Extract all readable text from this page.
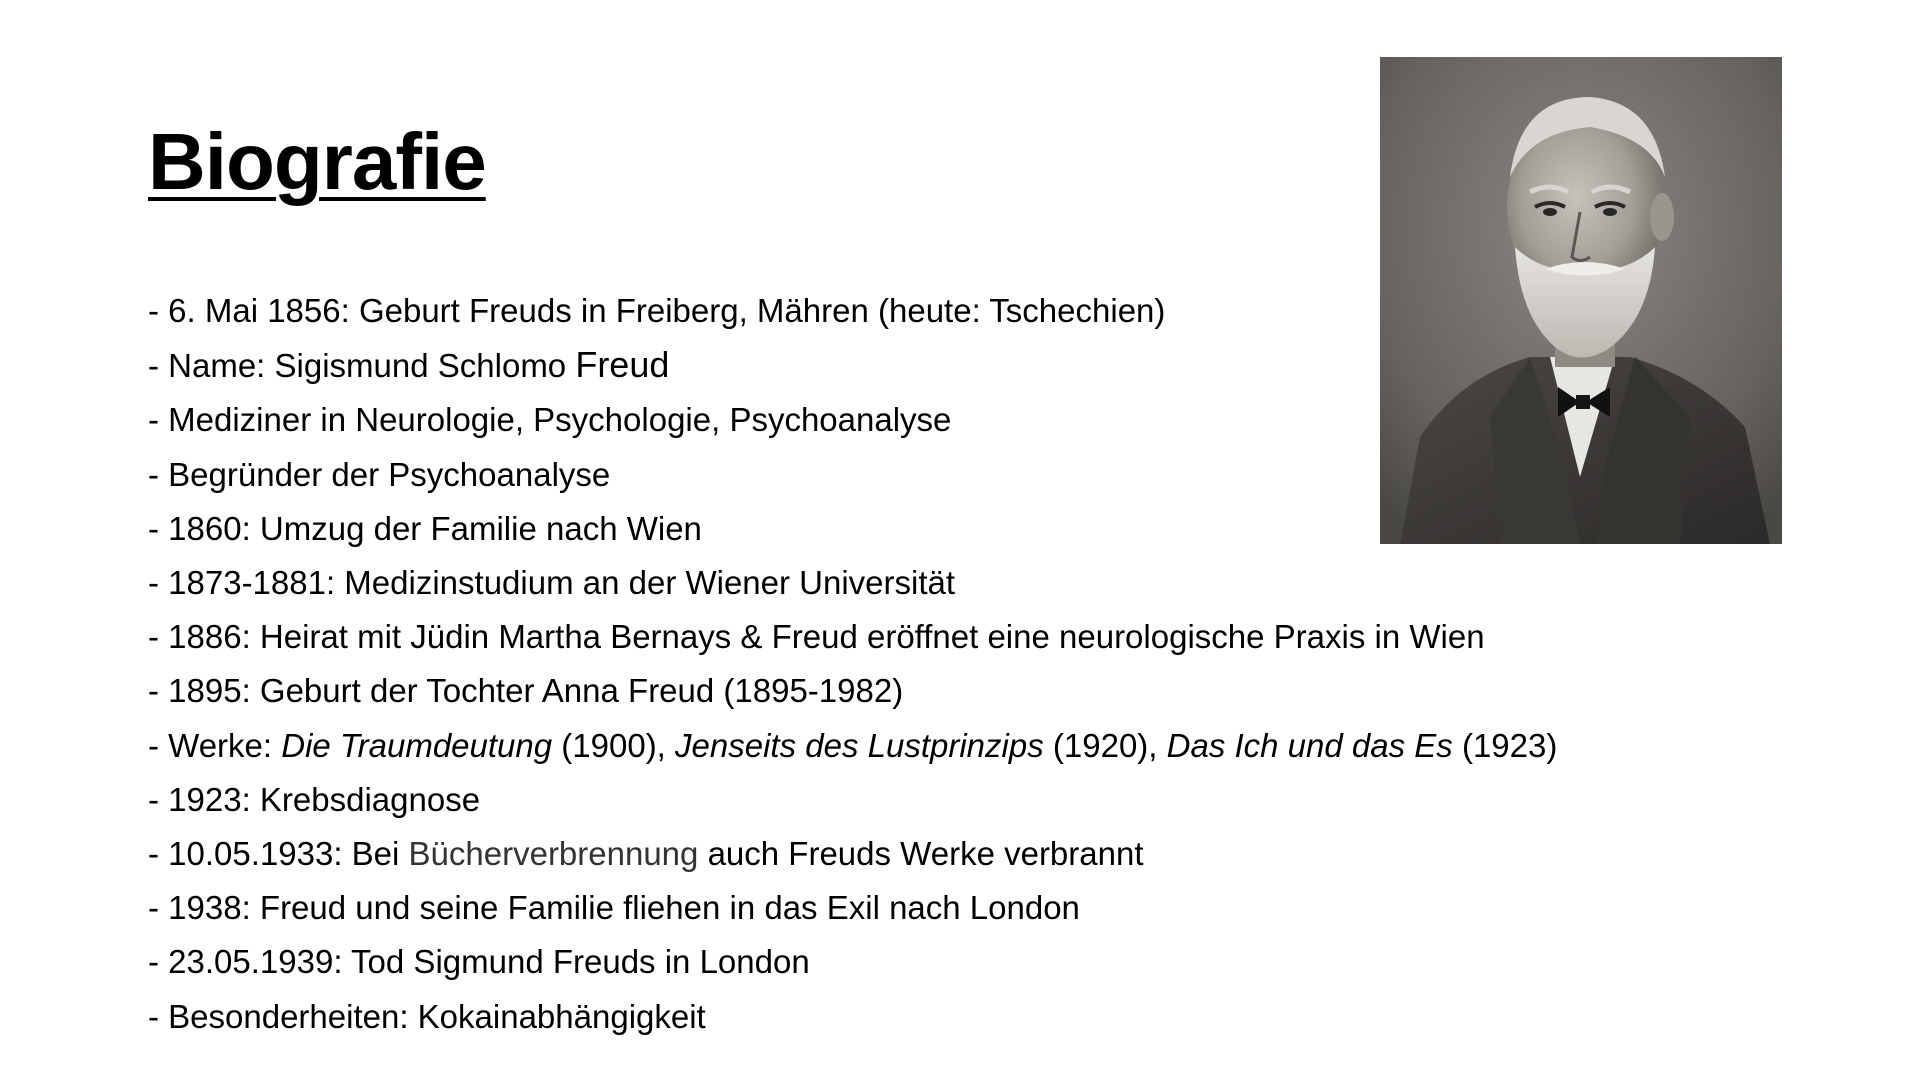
Biografie
- 6. Mai 1856: Geburt Freuds in Freiberg, Mähren (heute: Tschechien)
- Name: Sigismund Schlomo Freud
- Mediziner in Neurologie, Psychologie, Psychoanalyse
- Begründer der Psychoanalyse
- 1860: Umzug der Familie nach Wien
- 1873-1881: Medizinstudium an der Wiener Universität
- 1886: Heirat mit Jüdin Martha Bernays & Freud eröffnet eine neurologische Praxis in Wien
- 1895: Geburt der Tochter Anna Freud (1895-1982)
- Werke: Die Traumdeutung (1900), Jenseits des Lustprinzips (1920), Das Ich und das Es (1923)
- 1923: Krebsdiagnose
- 10.05.1933: Bei Bücherverbrennung auch Freuds Werke verbrannt
- 1938: Freud und seine Familie fliehen in das Exil nach London
- 23.05.1939: Tod Sigmund Freuds in London
- Besonderheiten: Kokainabhängigkeit
